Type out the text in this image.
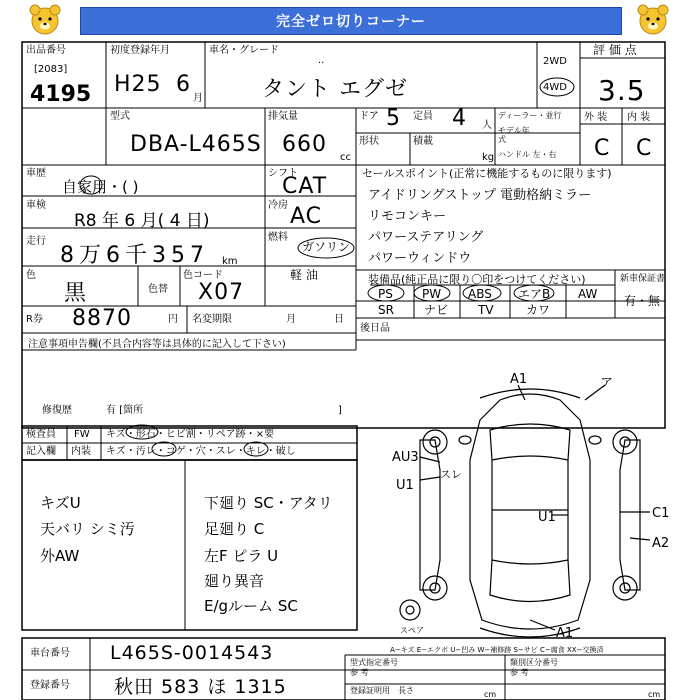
完全ゼロ切りコーナー
出品番号
[2083]
4195
初度登録年月
H25 6
月
車名・グレード
··
タント エグゼ
2WD
4WD
評 価 点
3.5
型式
DBA-L465S
排気量
660
cc
ドア 5 定員 4 人
形状	積載
kg
ディーラー・並行
モデル年式
ハンドル 左・右
外 装 内 装
C C
車歴
自家用・( )
シフト
CAT
車検
R8 年 6 月( 4 日)
冷房 AC
走行
8万6千357 km
燃料
ガソリン
軽 油
色
黒	色替
色コード
X07
R券 8870	円 名変期限	月	日
セールスポイント(正常に機能するものに限ります)
アイドリングストップ 電動格納ミラー
リモコンキー
パワーステアリング
パワーウィンドウ
装備品(純正品に限り〇印をつけてください)	新車保証書
PS PW ABS エアB AW
SR	ナビ TV	カワ
有・無
後日品
注意事項申告欄(不具合内容等は具体的に記入して下さい)
修復歴	有 [箇所	]
検査員
記入欄
FW キズ・形石・ヒビ割・リペア跡・×要
内装 キズ・汚レ・コゲ・穴・スレ・キレ・破し
キズU
天バリ シミ汚
外AW
下廻り SC・アタリ
足廻り C
左F ピラ U
廻り異音
E/gルーム SC
A1	ア
AU3
スレ
U1
U1	C1
A2
A1
スペア
A−キズ E−エクボ U−凹み W−補修跡 S−サビ C−腐食 XX−交換済
車台番号 L465S-0014543
登録番号 秋田 583 ほ 1315
型式指定番号
参 考
類別区分番号
参 考
登録証明用 長さ	cm	cm
